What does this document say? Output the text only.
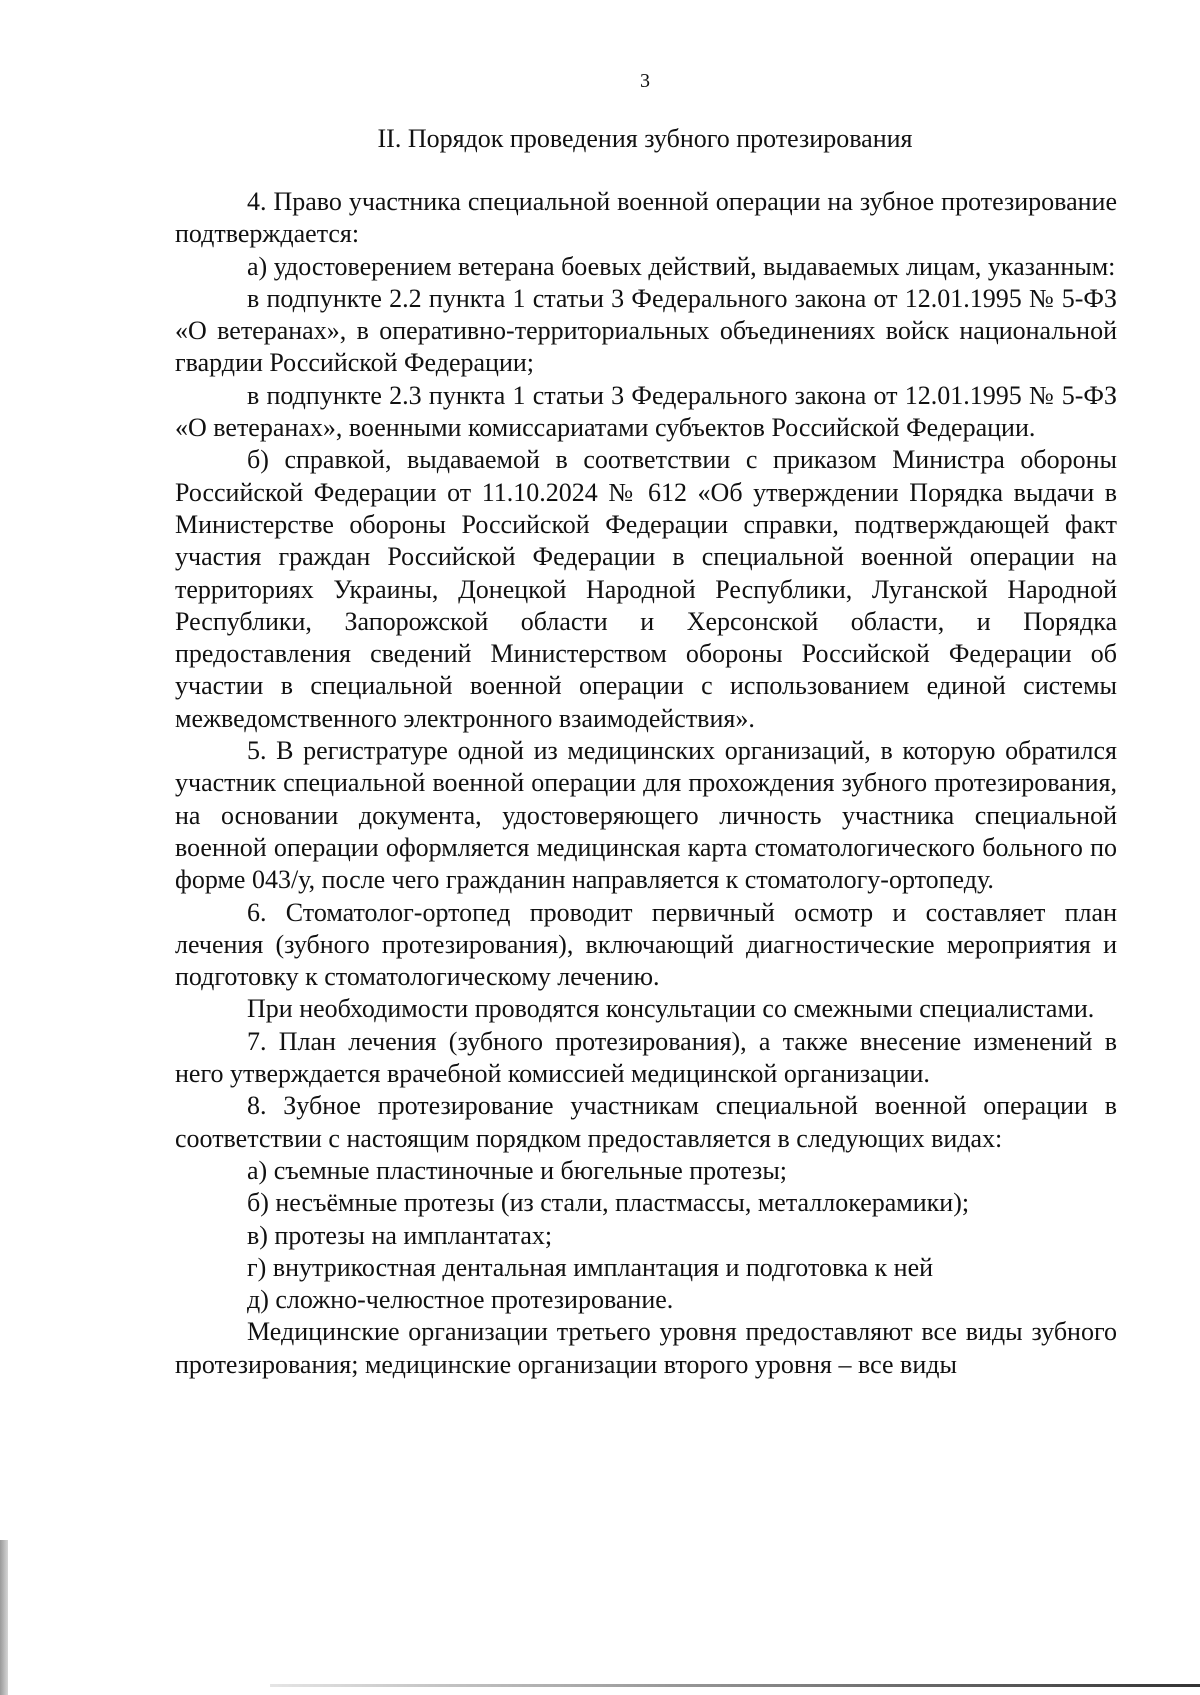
3
II. Порядок проведения зубного протезирования

4. Право участника специальной военной операции на зубное протезирование подтверждается:

а) удостоверением ветерана боевых действий, выдаваемых лицам, указанным:

в подпункте 2.2 пункта 1 статьи 3 Федерального закона от 12.01.1995 № 5-ФЗ «О ветеранах», в оперативно-территориальных объединениях войск национальной гвардии Российской Федерации;

в подпункте 2.3 пункта 1 статьи 3 Федерального закона от 12.01.1995 № 5-ФЗ «О ветеранах», военными комиссариатами субъектов Российской Федерации.

б) справкой, выдаваемой в соответствии с приказом Министра обороны Российской Федерации от 11.10.2024 № 612 «Об утверждении Порядка выдачи в Министерстве обороны Российской Федерации справки, подтверждающей факт участия граждан Российской Федерации в специальной военной операции на территориях Украины, Донецкой Народной Республики, Луганской Народной Республики, Запорожской области и Херсонской области, и Порядка предоставления сведений Министерством обороны Российской Федерации об участии в специальной военной операции с использованием единой системы межведомственного электронного взаимодействия».

5. В регистратуре одной из медицинских организаций, в которую обратился участник специальной военной операции для прохождения зубного протезирования, на основании документа, удостоверяющего личность участника специальной военной операции оформляется медицинская карта стоматологического больного по форме 043/у, после чего гражданин направляется к стоматологу-ортопеду.

6. Стоматолог-ортопед проводит первичный осмотр и составляет план лечения (зубного протезирования), включающий диагностические мероприятия и подготовку к стоматологическому лечению.

При необходимости проводятся консультации со смежными специалистами.

7. План лечения (зубного протезирования), а также внесение изменений в него утверждается врачебной комиссией медицинской организации.

8. Зубное протезирование участникам специальной военной операции в соответствии с настоящим порядком предоставляется в следующих видах:

а) съемные пластиночные и бюгельные протезы;

б) несъёмные протезы (из стали, пластмассы, металлокерамики);

в) протезы на имплантатах;

г) внутрикостная дентальная имплантация и подготовка к ней

д) сложно-челюстное протезирование.

Медицинские организации третьего уровня предоставляют все виды зубного протезирования; медицинские организации второго уровня – все виды
